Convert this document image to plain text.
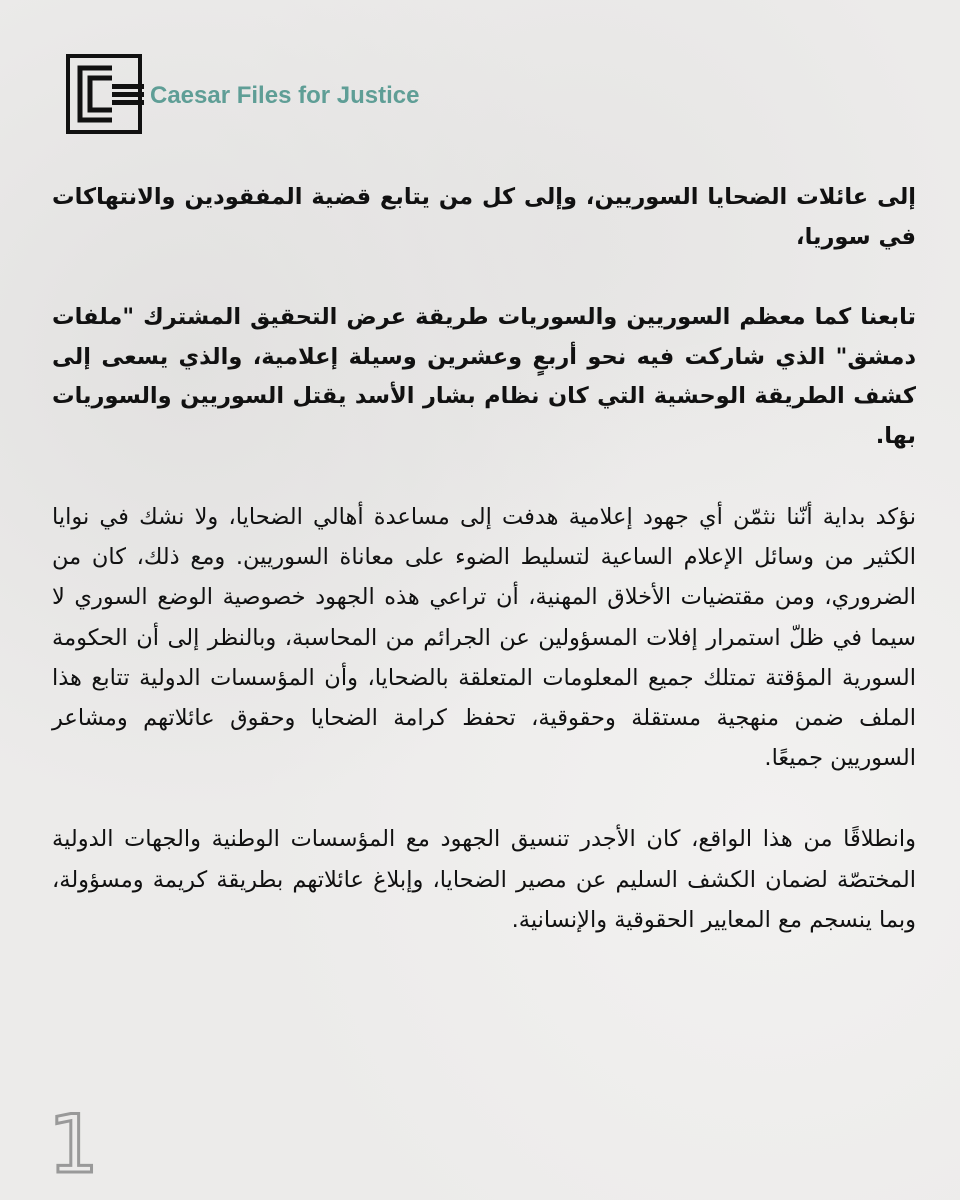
Caesar Files for Justice

إلى عائلات الضحايا السوريين، وإلى كل من يتابع قضية المفقودين والانتهاكات في سوريا،

تابعنا كما معظم السوريين والسوريات طريقة عرض التحقيق المشترك "ملفات دمشق" الذي شاركت فيه نحو أربعٍ وعشرين وسيلة إعلامية، والذي يسعى إلى كشف الطريقة الوحشية التي كان نظام بشار الأسد يقتل السوريين والسوريات بها.

نؤكد بداية أنّنا نثمّن أي جهود إعلامية هدفت إلى مساعدة أهالي الضحايا، ولا نشك في نوايا الكثير من وسائل الإعلام الساعية لتسليط الضوء على معاناة السوريين. ومع ذلك، كان من الضروري، ومن مقتضيات الأخلاق المهنية، أن تراعي هذه الجهود خصوصية الوضع السوري لا سيما في ظلّ استمرار إفلات المسؤولين عن الجرائم من المحاسبة، وبالنظر إلى أن الحكومة السورية المؤقتة تمتلك جميع المعلومات المتعلقة بالضحايا، وأن المؤسسات الدولية تتابع هذا الملف ضمن منهجية مستقلة وحقوقية، تحفظ كرامة الضحايا وحقوق عائلاتهم ومشاعر السوريين جميعًا.

وانطلاقًا من هذا الواقع، كان الأجدر تنسيق الجهود مع المؤسسات الوطنية والجهات الدولية المختصّة لضمان الكشف السليم عن مصير الضحايا، وإبلاغ عائلاتهم بطريقة كريمة ومسؤولة، وبما ينسجم مع المعايير الحقوقية والإنسانية.

1
